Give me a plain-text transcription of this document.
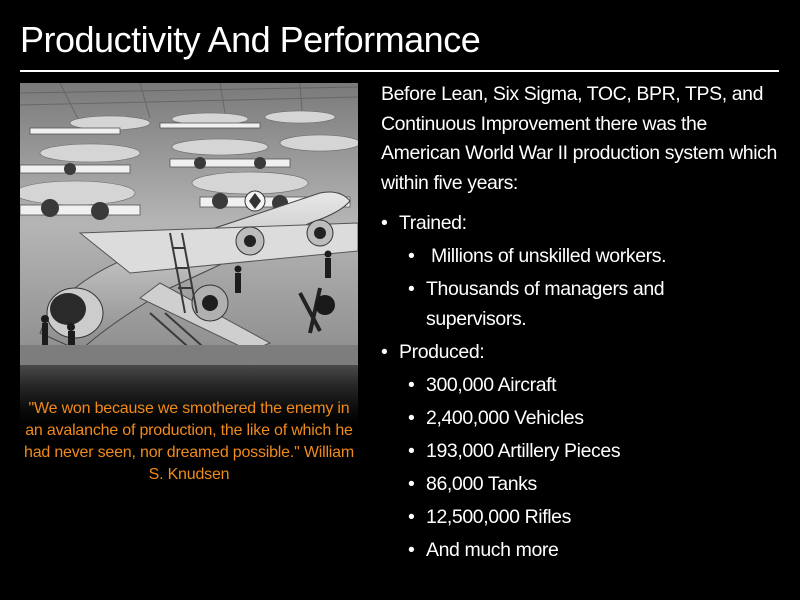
Productivity And Performance
"We won because we smothered the enemy in an avalanche of production, the like of which he had never seen, nor dreamed possible." William S. Knudsen
Before Lean, Six Sigma, TOC, BPR, TPS, and Continuous Improvement there was the American World War II production system which within five years:
• Trained:
• Millions of unskilled workers.
• Thousands of managers and supervisors.
• Produced:
• 300,000 Aircraft
• 2,400,000 Vehicles
• 193,000 Artillery Pieces
• 86,000 Tanks
• 12,500,000 Rifles
• And much more
